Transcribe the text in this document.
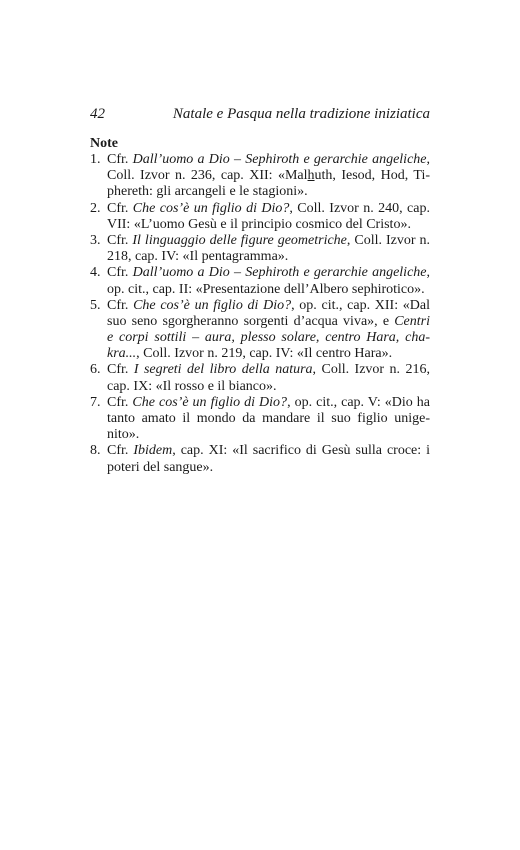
42	Natale e Pasqua nella tradizione iniziatica
Note
1. Cfr. Dall’uomo a Dio – Sephiroth e gerarchie angeliche,
Coll. Izvor n. 236, cap. XII: «Malhuth, Iesod, Hod, Ti-
phereth: gli arcangeli e le stagioni».
2. Cfr. Che cos’è un figlio di Dio?, Coll. Izvor n. 240, cap.
VII: «L’uomo Gesù e il principio cosmico del Cristo».
3. Cfr. Il linguaggio delle figure geometriche, Coll. Izvor n.
218, cap. IV: «Il pentagramma».
4. Cfr. Dall’uomo a Dio – Sephiroth e gerarchie angeliche,
op. cit., cap. II: «Presentazione dell’Albero sephirotico».
5. Cfr. Che cos’è un figlio di Dio?, op. cit., cap. XII: «Dal
suo seno sgorgheranno sorgenti d’acqua viva», e Centri
e corpi sottili – aura, plesso solare, centro Hara, cha-
kra..., Coll. Izvor n. 219, cap. IV: «Il centro Hara».
6. Cfr. I segreti del libro della natura, Coll. Izvor n. 216,
cap. IX: «Il rosso e il bianco».
7. Cfr. Che cos’è un figlio di Dio?, op. cit., cap. V: «Dio ha
tanto amato il mondo da mandare il suo figlio unige-
nito».
8. Cfr. Ibidem, cap. XI: «Il sacrifico di Gesù sulla croce: i
poteri del sangue».
